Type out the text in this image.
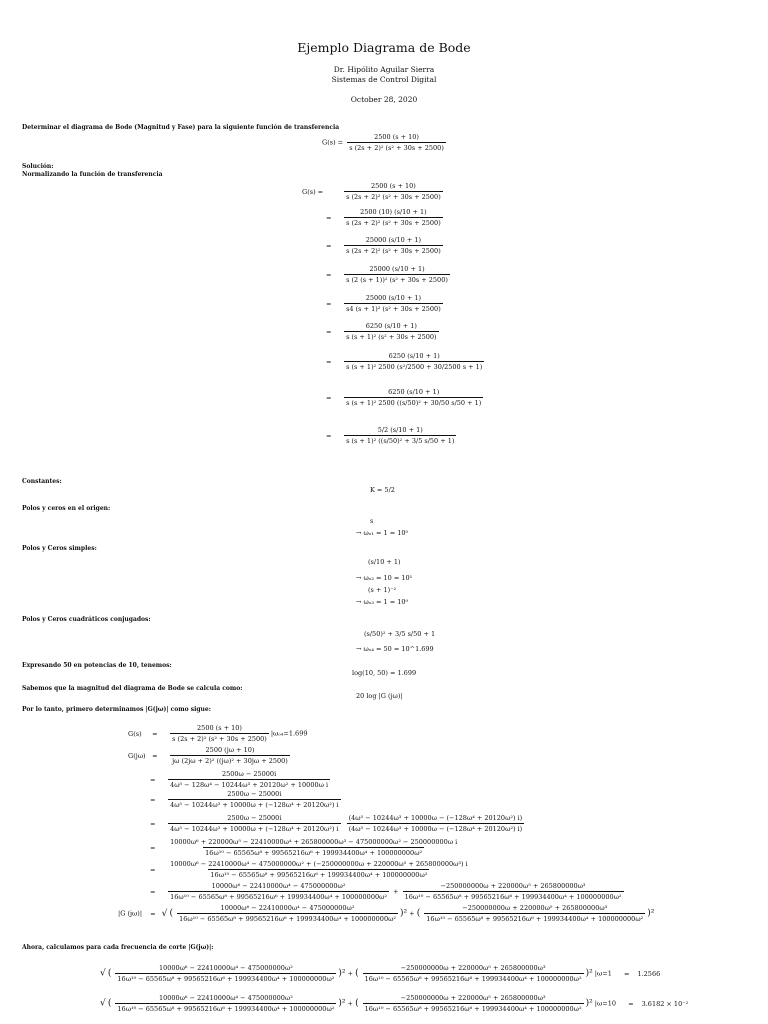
Ejemplo Diagrama de Bode
Dr. Hipólito Aguilar Sierra
Sistemas de Control Digital
October 28, 2020
Determinar el diagrama de Bode (Magnitud y Fase) para la siguiente función de transferencia
$G(s) = \frac{2500 (s + 10)}{\text{s (2s + 2)² (s² + 30s + 2500)}}$
Solución:
Normalizando la función de transferencia
G(s) =	$\frac{2500 (s + 10)}{\text{s (2s + 2)² (s² + 30s + 2500)}}$
= $\frac{2500 (10) (s/10 + 1)}{\text{s (2s + 2)² (s² + 30s + 2500)}}$
= $\frac{25000 (s/10 + 1)}{\text{s (2s + 2)² (s² + 30s + 2500)}}$
= $\frac{25000 (s/10 + 1)}{\text{s (2 (s + 1))² (s² + 30s + 2500)}}$
= $\frac{25000 (s/10 + 1)}{\text{s4 (s + 1)² (s² + 30s + 2500)}}$
= $\frac{6250 (s/10 + 1)}{\text{s (s + 1)² (s² + 30s + 2500)}}$
= $\frac{6250 (s/10 + 1)}{\text{s (s + 1)² 2500 (s²/2500 + 30/2500 s + 1)}}$
= $\frac{6250 (s/10 + 1)}{\text{s (s + 1)² 2500 ((s/50)² + 30/50 s/50 + 1)}}$
= $\frac{5/2 (s/10 + 1)}{\text{s (s + 1)² ((s/50)² + 3/5 s/50 + 1)}}$
Constantes:
K = 5/2
Polos y ceros en el origen:
s
→ ωₒ₁ = 1 = 10⁰
Polos y Ceros simples:
(s/10 + 1)
→ ωₒ₂ = 10 = 10¹
(s + 1)⁻²
→ ωₒ₃ = 1 = 10⁰
Polos y Ceros cuadráticos conjugados:
(s/50)² + 3/5 s/50 + 1
→ ωₒ₄ = 50 = 10^1.699
Expresando 50 en potencias de 10, tenemos:
log(10, 50) = 1.699
Sabemos que la magnitud del diagrama de Bode se calcula como:
20 log |G (jω)|
Por lo tanto, primero determinamos |G(jω)| como sigue:
$G(s) = \frac{2500 (s + 10)}{\text{s (2s + 2)² (s² + 30s + 2500)}} |\omega_{o4}=1.699$
$G(j\omega) = \frac{2500 (j\omega + 10)}{\text{jω (2jω + 2)² ((jω)² + 30jω + 2500)}}$
= $\frac{2500\omega - 25000i}{\text{4ω⁵ − 128ω⁴ − 10244ω³ + 20120ω² + 10000ω i}}$
= $\frac{2500\omega - 25000i}{\text{4ω⁵ − 10244ω³ + 10000ω + (−128ω⁴ + 20120ω²) i}}$
= $\frac{2500\omega - 25000i}{\text{4ω⁵ − 10244ω³ + 10000ω + (−128ω⁴ + 20120ω²) i}}$
$\frac{\text{(4ω⁵ − 10244ω³ + 10000ω − (−128ω⁴ + 20120ω²) i)}}{\text{(4ω⁵ − 10244ω³ + 10000ω − (−128ω⁴ + 20120ω²) i)}}$
=
10000ω⁶ + 220000ω⁵ − 22410000ω⁴ + 265800000ω³ − 475000000ω² − 250000000ω i
16ω¹⁰ − 65565ω⁸ + 99565216ω⁶ + 199934400ω⁴ + 100000000ω²
=
10000ω⁶ − 22410000ω⁴ − 475000000ω² + (−250000000ω + 220000ω⁵ + 265800000ω³) i
16ω¹⁰ − 65565ω⁸ + 99565216ω⁶ + 199934400ω⁴ + 100000000ω²
= $\frac{\text{10000ω⁶ − 22410000ω⁴ − 475000000ω²}}{\text{16ω¹⁰ − 65565ω⁸ + 99565216ω⁶ + 199934400ω⁴ + 100000000ω²}} + \frac{\text{−250000000ω + 220000ω⁵ + 265800000ω³}}{\text{16ω¹⁰ − 65565ω⁸ + 99565216ω⁶ + 199934400ω⁴ + 100000000ω²}}$
|G (jω)| = √ ( $\frac{\text{10000ω⁶ − 22410000ω⁴ − 475000000ω²}}{\text{16ω¹⁰ − 65565ω⁸ + 99565216ω⁶ + 199934400ω⁴ + 100000000ω²}} )^2$ + ( $\frac{\text{−250000000ω + 220000ω⁵ + 265800000ω³}}{\text{16ω¹⁰ − 65565ω⁸ + 99565216ω⁶ + 199934400ω⁴ + 100000000ω²}} )^2$
Ahora, calculamos para cada frecuencia de corte |G(jω)|:
√ ( $\frac{\text{10000ω⁶ − 22410000ω⁴ − 475000000ω²}}{\text{16ω¹⁰ − 65565ω⁸ + 99565216ω⁶ + 199934400ω⁴ + 100000000ω²}} )^2$ + ( $\frac{\text{−250000000ω + 220000ω⁵ + 265800000ω³}}{\text{16ω¹⁰ − 65565ω⁸ + 99565216ω⁶ + 199934400ω⁴ + 100000000ω²}} )^2$ |ω=1 = 1.2566
√ ( $\frac{\text{10000ω⁶ − 22410000ω⁴ − 475000000ω²}}{\text{16ω¹⁰ − 65565ω⁸ + 99565216ω⁶ + 199934400ω⁴ + 100000000ω²}} )^2$ + ( $\frac{\text{−250000000ω + 220000ω⁵ + 265800000ω³}}{\text{16ω¹⁰ − 65565ω⁸ + 99565216ω⁶ + 199934400ω⁴ + 100000000ω²}} )^2$ |ω=10 = 3.6182 × 10⁻²
